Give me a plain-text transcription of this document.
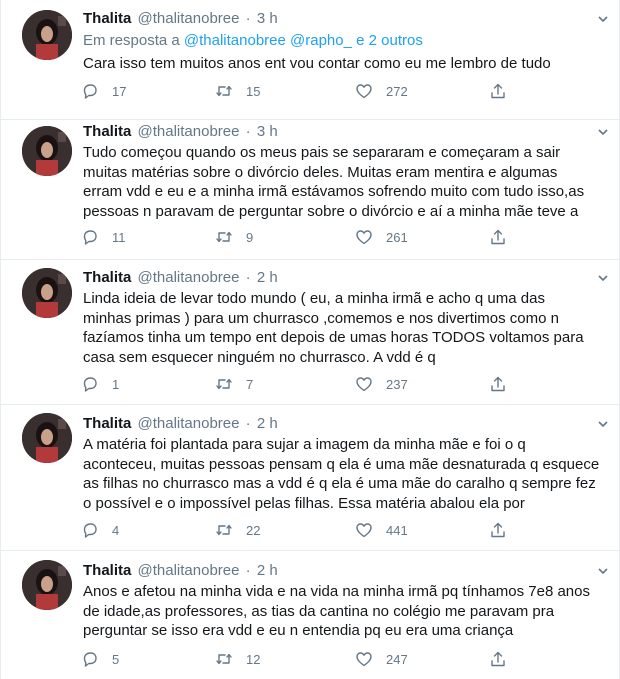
Thalita @thalitanobree · 3 h
Em resposta a @thalitanobree @rapho_ e 2 outros
Cara isso tem muitos anos ent vou contar como eu me lembro de tudo
17	15	272
Thalita @thalitanobree · 3 h
Tudo começou quando os meus pais se separaram e começaram a sair
muitas matérias sobre o divórcio deles. Muitas eram mentira e algumas
erram vdd e eu e a minha irmã estávamos sofrendo muito com tudo isso,as
pessoas n paravam de perguntar sobre o divórcio e aí a minha mãe teve a
11	9	261
Thalita @thalitanobree · 2 h
Linda ideia de levar todo mundo ( eu, a minha irmã e acho q uma das
minhas primas ) para um churrasco ,comemos e nos divertimos como n
fazíamos tinha um tempo ent depois de umas horas TODOS voltamos para
casa sem esquecer ninguém no churrasco. A vdd é q
1	7	237
Thalita @thalitanobree · 2 h
A matéria foi plantada para sujar a imagem da minha mãe e foi o q
aconteceu, muitas pessoas pensam q ela é uma mãe desnaturada q esquece
as filhas no churrasco mas a vdd é q ela é uma mãe do caralho q sempre fez
o possível e o impossível pelas filhas. Essa matéria abalou ela por
4	22	441
Thalita @thalitanobree · 2 h
Anos e afetou na minha vida e na vida na minha irmã pq tínhamos 7e8 anos
de idade,as professores, as tias da cantina no colégio me paravam pra
perguntar se isso era vdd e eu n entendia pq eu era uma criança
5	12	247
